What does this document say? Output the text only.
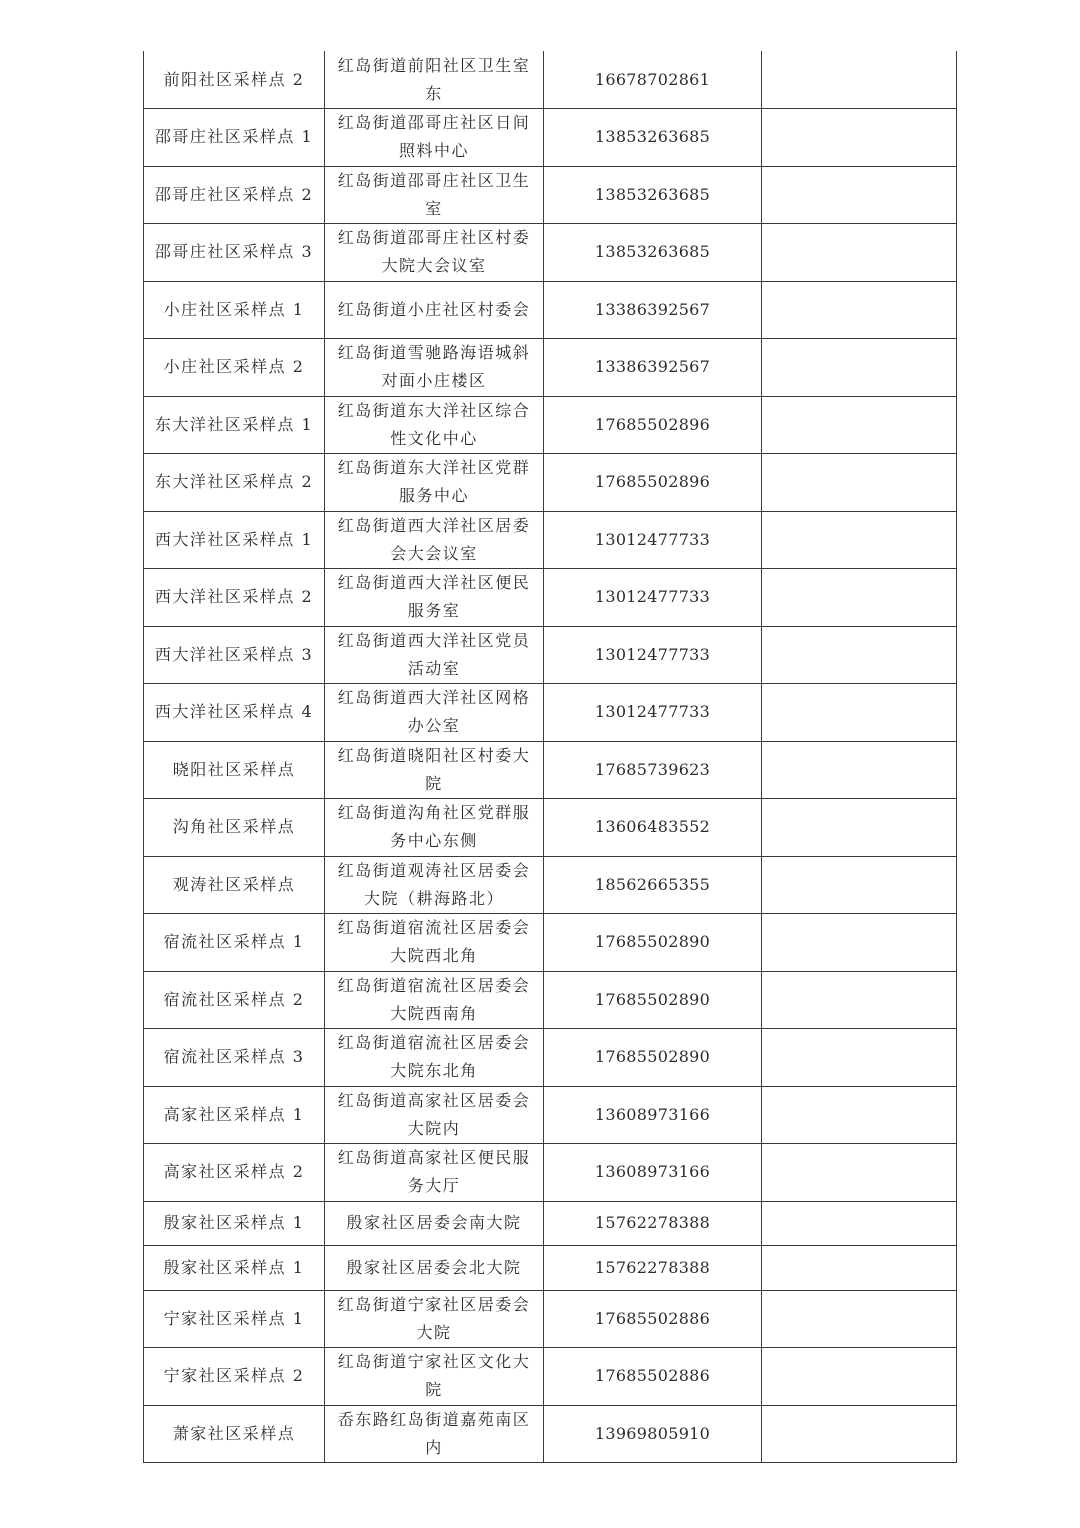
前阳社区采样点 2	红岛街道前阳社区卫生室东	16678702861	
邵哥庄社区采样点 1	红岛街道邵哥庄社区日间照料中心	13853263685	
邵哥庄社区采样点 2	红岛街道邵哥庄社区卫生室	13853263685	
邵哥庄社区采样点 3	红岛街道邵哥庄社区村委大院大会议室	13853263685	
小庄社区采样点 1	红岛街道小庄社区村委会	13386392567	
小庄社区采样点 2	红岛街道雪驰路海语城斜对面小庄楼区	13386392567	
东大洋社区采样点 1	红岛街道东大洋社区综合性文化中心	17685502896	
东大洋社区采样点 2	红岛街道东大洋社区党群服务中心	17685502896	
西大洋社区采样点 1	红岛街道西大洋社区居委会大会议室	13012477733	
西大洋社区采样点 2	红岛街道西大洋社区便民服务室	13012477733	
西大洋社区采样点 3	红岛街道西大洋社区党员活动室	13012477733	
西大洋社区采样点 4	红岛街道西大洋社区网格办公室	13012477733	
晓阳社区采样点	红岛街道晓阳社区村委大院	17685739623	
沟角社区采样点	红岛街道沟角社区党群服务中心东侧	13606483552	
观涛社区采样点	红岛街道观涛社区居委会大院（耕海路北）	18562665355	
宿流社区采样点 1	红岛街道宿流社区居委会大院西北角	17685502890	
宿流社区采样点 2	红岛街道宿流社区居委会大院西南角	17685502890	
宿流社区采样点 3	红岛街道宿流社区居委会大院东北角	17685502890	
高家社区采样点 1	红岛街道高家社区居委会大院内	13608973166	
高家社区采样点 2	红岛街道高家社区便民服务大厅	13608973166	
殷家社区采样点 1	殷家社区居委会南大院	15762278388	
殷家社区采样点 1	殷家社区居委会北大院	15762278388	
宁家社区采样点 1	红岛街道宁家社区居委会大院	17685502886	
宁家社区采样点 2	红岛街道宁家社区文化大院	17685502886	
萧家社区采样点	岙东路红岛街道嘉苑南区内	13969805910	
